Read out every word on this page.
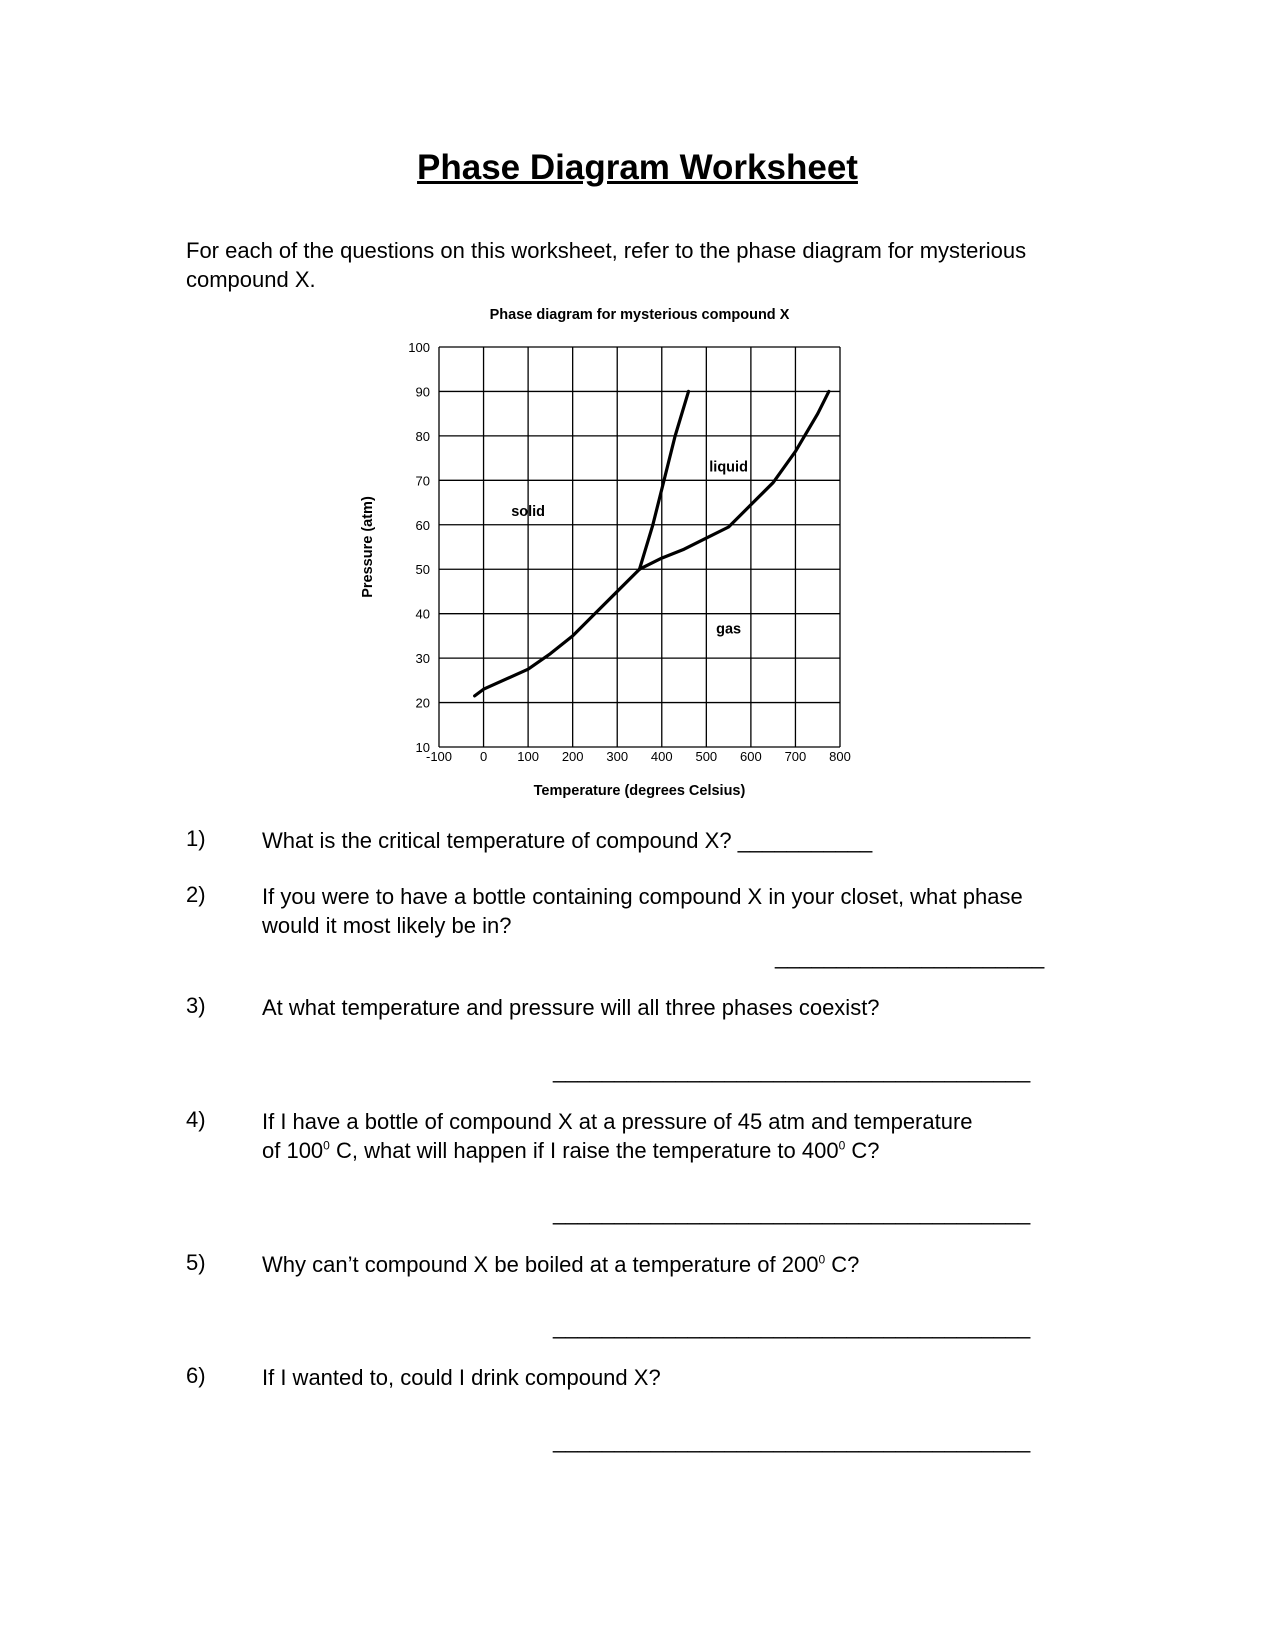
Phase Diagram Worksheet
For each of the questions on this worksheet, refer to the phase diagram for mysterious compound X.
-100 0 100 200 300 400 500 600 700 800
10
20
30
40
50
60
70
80
90
100
Phase diagram for mysterious compound X
Temperature (degrees Celsius)
Pressure (atm)	solid
liquid
gas
1)	What is the critical temperature of compound X? ___________
2)	If you were to have a bottle containing compound X in your closet, what phase would it most likely be in?
______________________
3)	At what temperature and pressure will all three phases coexist?
_______________________________________
4)	If I have a bottle of compound X at a pressure of 45 atm and temperature
of $100^0$ C, what will happen if I raise the temperature to $400^0$ C?
_______________________________________
5)	Why can’t compound X be boiled at a temperature of $200^0$ C?
_______________________________________
6)	If I wanted to, could I drink compound X?
_______________________________________
